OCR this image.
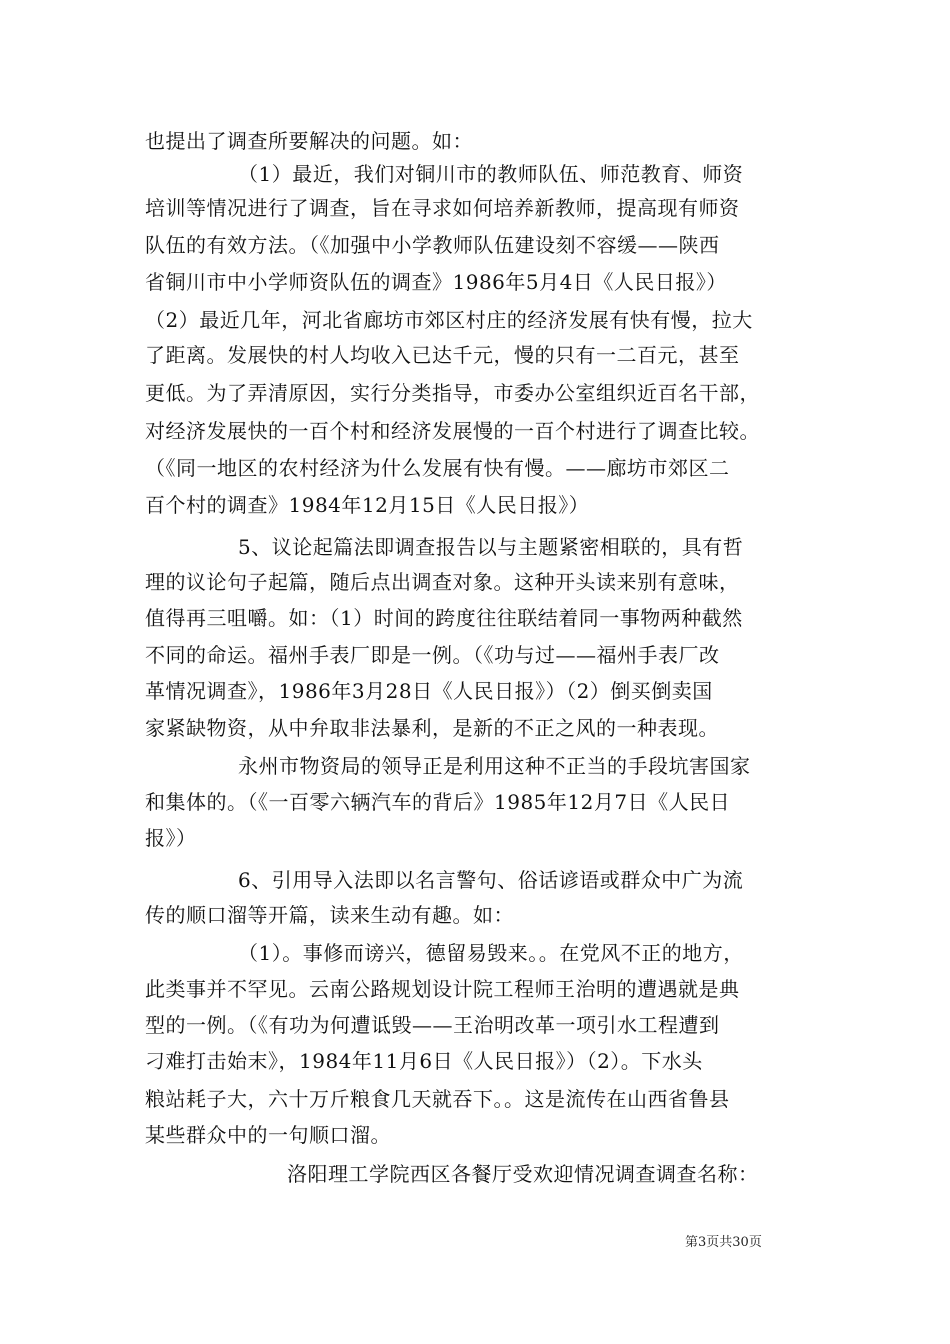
也提出了调查所要解决的问题。如：
（1）最近，我们对铜川市的教师队伍、师范教育、师资
培训等情况进行了调查，旨在寻求如何培养新教师，提高现有师资
队伍的有效方法。（《加强中小学教师队伍建设刻不容缓——陕西
省铜川市中小学师资队伍的调查》1986年5月4日《人民日报》）
（2）最近几年，河北省廊坊市郊区村庄的经济发展有快有慢，拉大
了距离。发展快的村人均收入已达千元，慢的只有一二百元，甚至
更低。为了弄清原因，实行分类指导，市委办公室组织近百名干部，
对经济发展快的一百个村和经济发展慢的一百个村进行了调查比较。
（《同一地区的农村经济为什么发展有快有慢。——廊坊市郊区二
百个村的调查》1984年12月15日《人民日报》）
5、议论起篇法即调查报告以与主题紧密相联的，具有哲
理的议论句子起篇，随后点出调查对象。这种开头读来别有意味，
值得再三咀嚼。如：（1）时间的跨度往往联结着同一事物两种截然
不同的命运。福州手表厂即是一例。（《功与过——福州手表厂改
革情况调查》，1986年3月28日《人民日报》）（2）倒买倒卖国
家紧缺物资，从中弁取非法暴利，是新的不正之风的一种表现。
永州市物资局的领导正是利用这种不正当的手段坑害国家
和集体的。（《一百零六辆汽车的背后》1985年12月7日《人民日
报》）
6、引用导入法即以名言警句、俗话谚语或群众中广为流
传的顺口溜等开篇，读来生动有趣。如：
（1）。事修而谤兴，德留易毁来。。在党风不正的地方，
此类事并不罕见。云南公路规划设计院工程师王治明的遭遇就是典
型的一例。（《有功为何遭诋毁——王治明改革一项引水工程遭到
刁难打击始末》，1984年11月6日《人民日报》）（2）。下水头
粮站耗子大，六十万斤粮食几天就吞下。。这是流传在山西省鲁县
某些群众中的一句顺口溜。
洛阳理工学院西区各餐厅受欢迎情况调查调查名称：
第3页共30页
